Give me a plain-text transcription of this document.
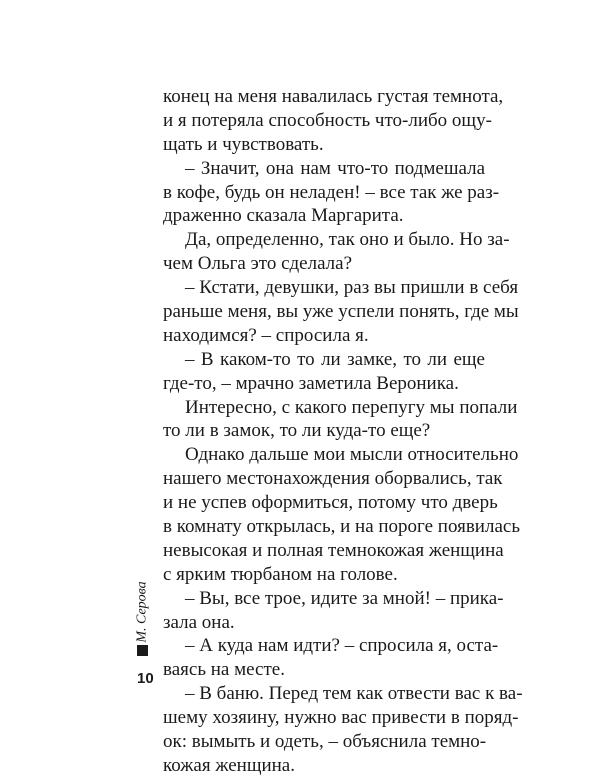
конец на меня навалилась густая темнота,
и я потеряла способность что-либо ощу-
щать и чувствовать.
– Значит, она нам что-то подмешала
в кофе, будь он неладен! – все так же раз-
драженно сказала Маргарита.
Да, определенно, так оно и было. Но за-
чем Ольга это сделала?
– Кстати, девушки, раз вы пришли в себя
раньше меня, вы уже успели понять, где мы
находимся? – спросила я.
– В каком-то то ли замке, то ли еще
где-то, – мрачно заметила Вероника.
Интересно, с какого перепугу мы попали
то ли в замок, то ли куда-то еще?
Однако дальше мои мысли относительно
нашего местонахождения оборвались, так
и не успев оформиться, потому что дверь
в комнату открылась, и на пороге появилась
невысокая и полная темнокожая женщина
с ярким тюрбаном на голове.
– Вы, все трое, идите за мной! – прика-
зала она.
– А куда нам идти? – спросила я, оста-
ваясь на месте.
– В баню. Перед тем как отвести вас к ва-
шему хозяину, нужно вас привести в поряд-
ок: вымыть и одеть, – объяснила темно-
кожая женщина.
М. Серова
10
